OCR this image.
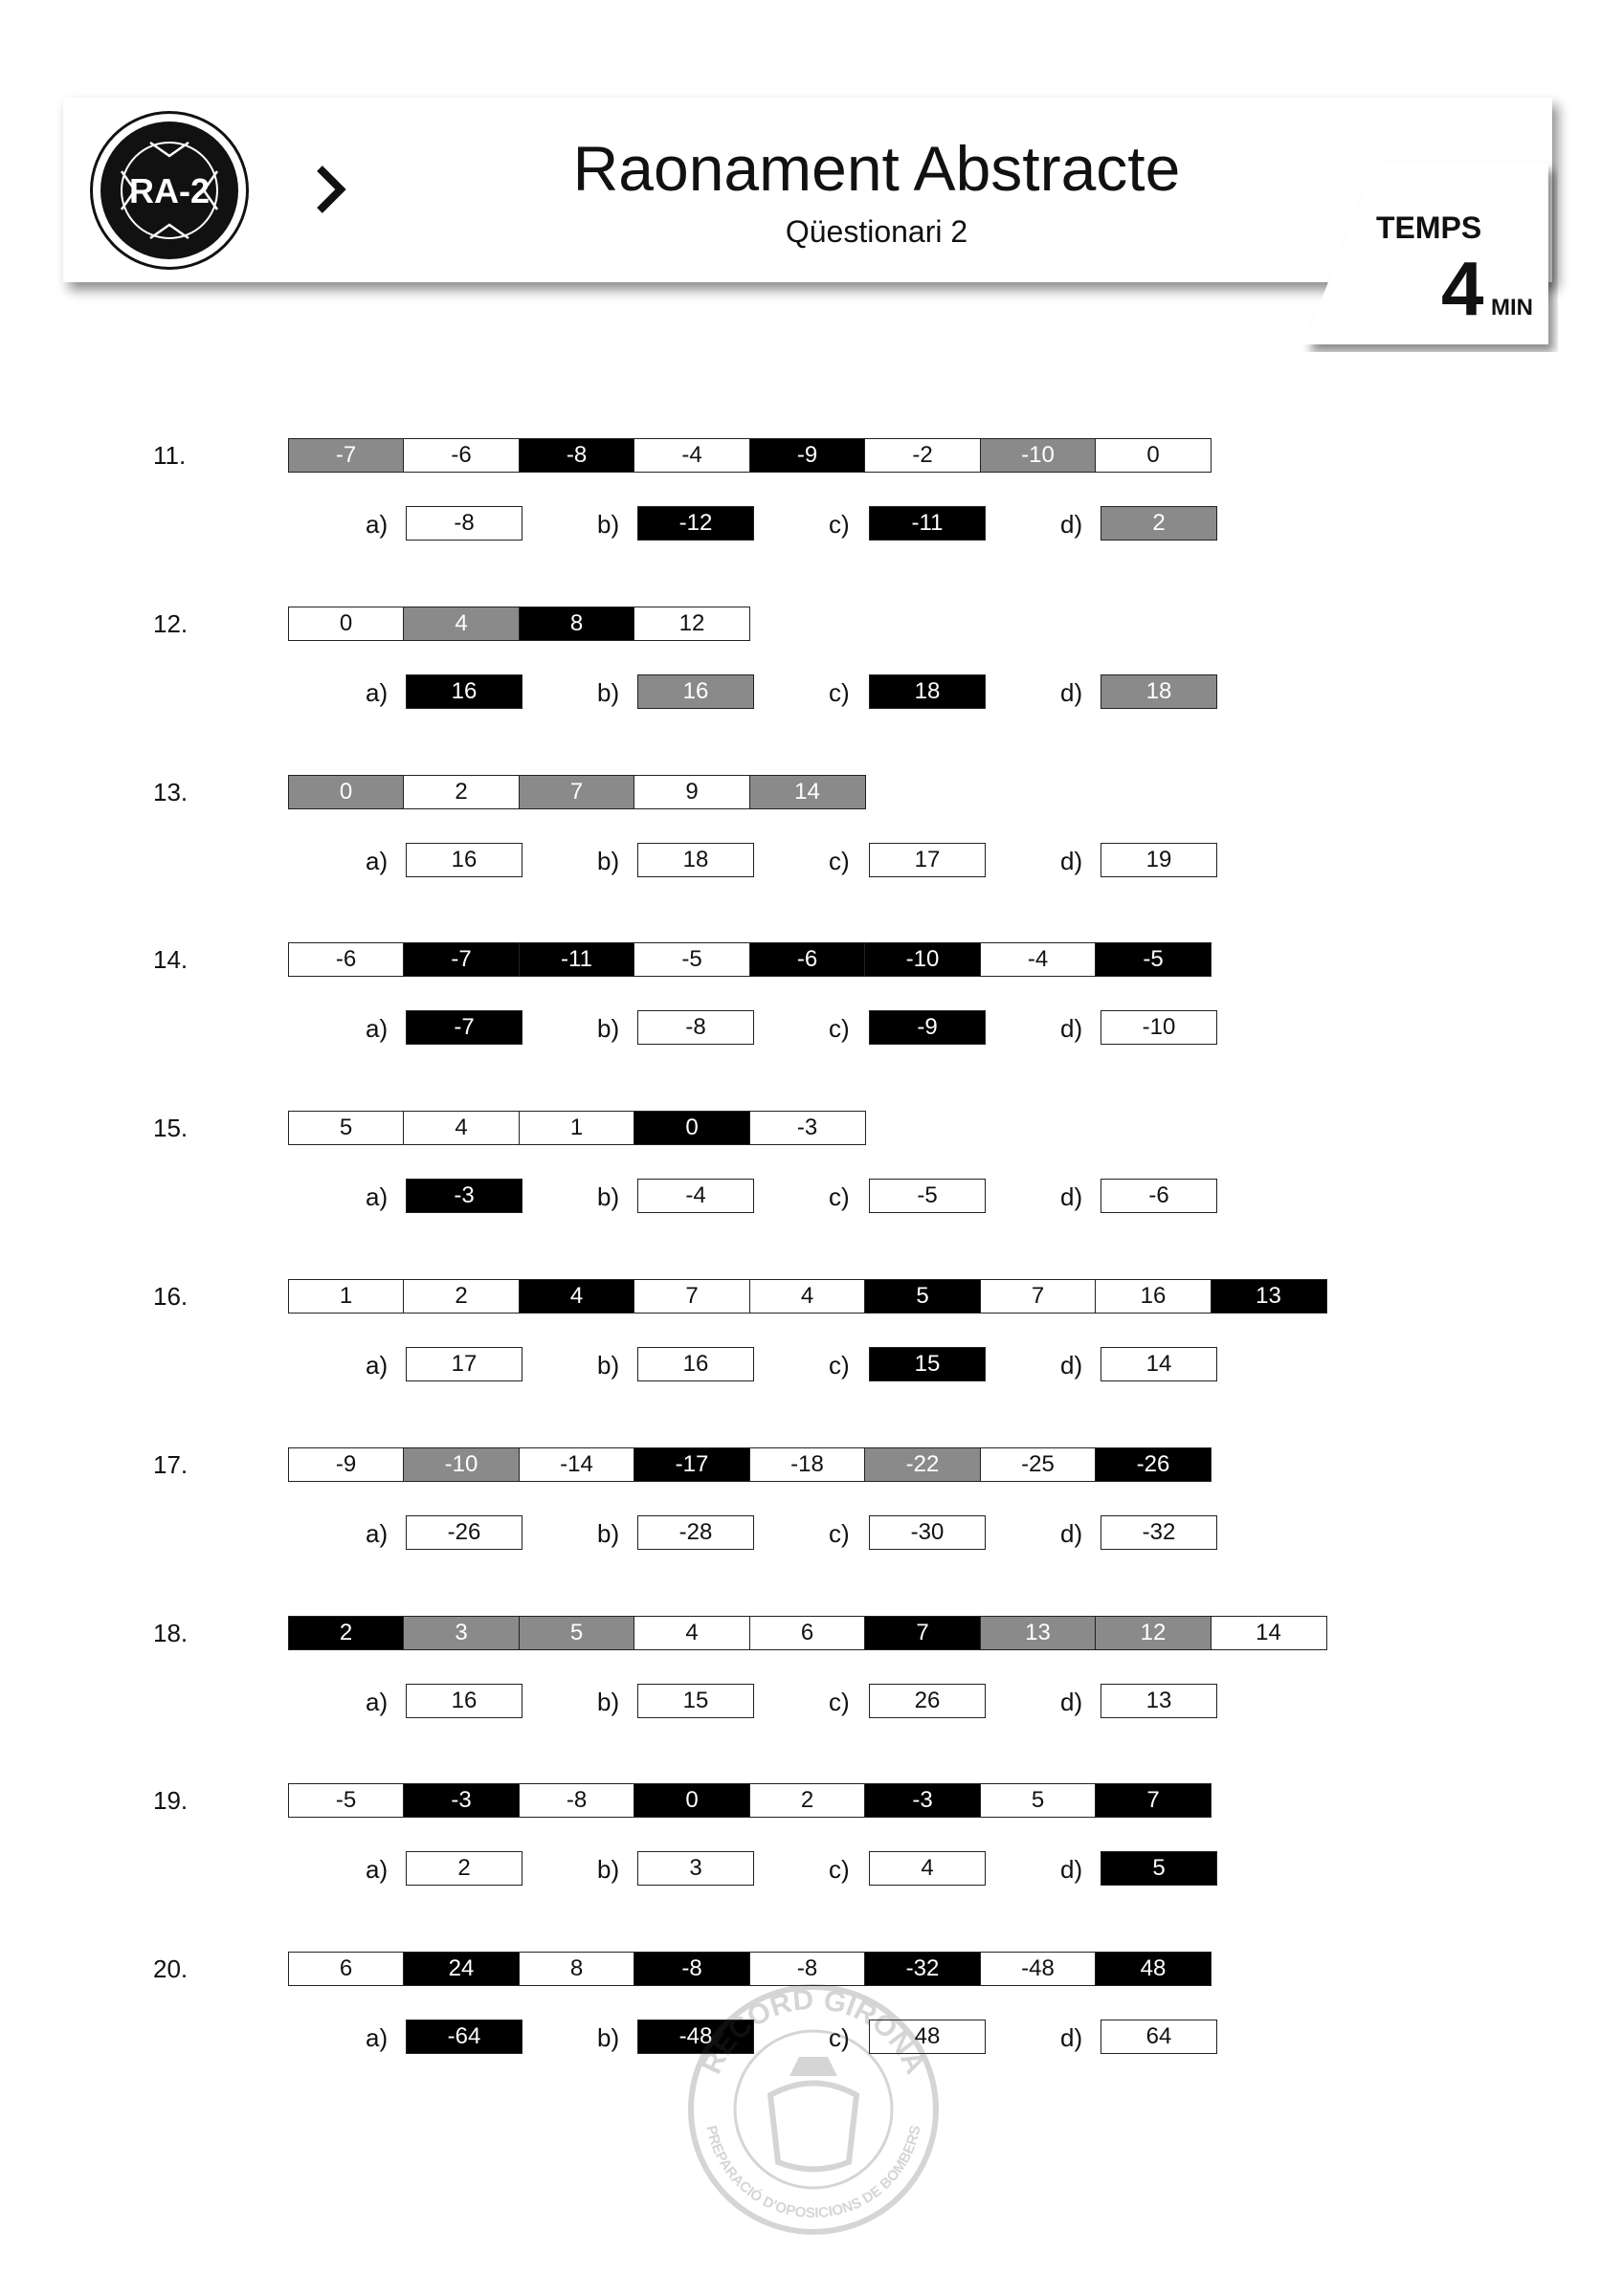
RA-2	Raonament Abstracte
Qüestionari 2	TEMPS
4 MIN
11.	-7	-6	-8	-4	-9	-2	-10	0
a)	-8	b)	-12	c)	-11	d)	2
12.	0	4	8	12
a)	16	b)	16	c)	18	d)	18
13.	0	2	7	9	14
a)	16	b)	18	c)	17	d)	19
14.	-6	-7	-11	-5	-6	-10	-4	-5
a)	-7	b)	-8	c)	-9	d)	-10
15.	5	4	1	0	-3
a)	-3	b)	-4	c)	-5	d)	-6
16.	1	2	4	7	4	5	7	16	13
a)	17	b)	16	c)	15	d)	14
17.	-9	-10	-14	-17	-18	-22	-25	-26
a)	-26	b)	-28	c)	-30	d)	-32
18.	2	3	5	4	6	7	13	12	14
a)	16	b)	15	c)	26	d)	13
19.	-5	-3	-8	0	2	-3	5	7
a)	2	b)	3	c)	4	d)	5
20.	6	24	8	-8	-8	-32	-48	48
a)	-64	b)	-48	c)	48	d)	64
RECORD GIRONA
PREPARACIÓ D'OPOSICIONS DE BOMBERS
